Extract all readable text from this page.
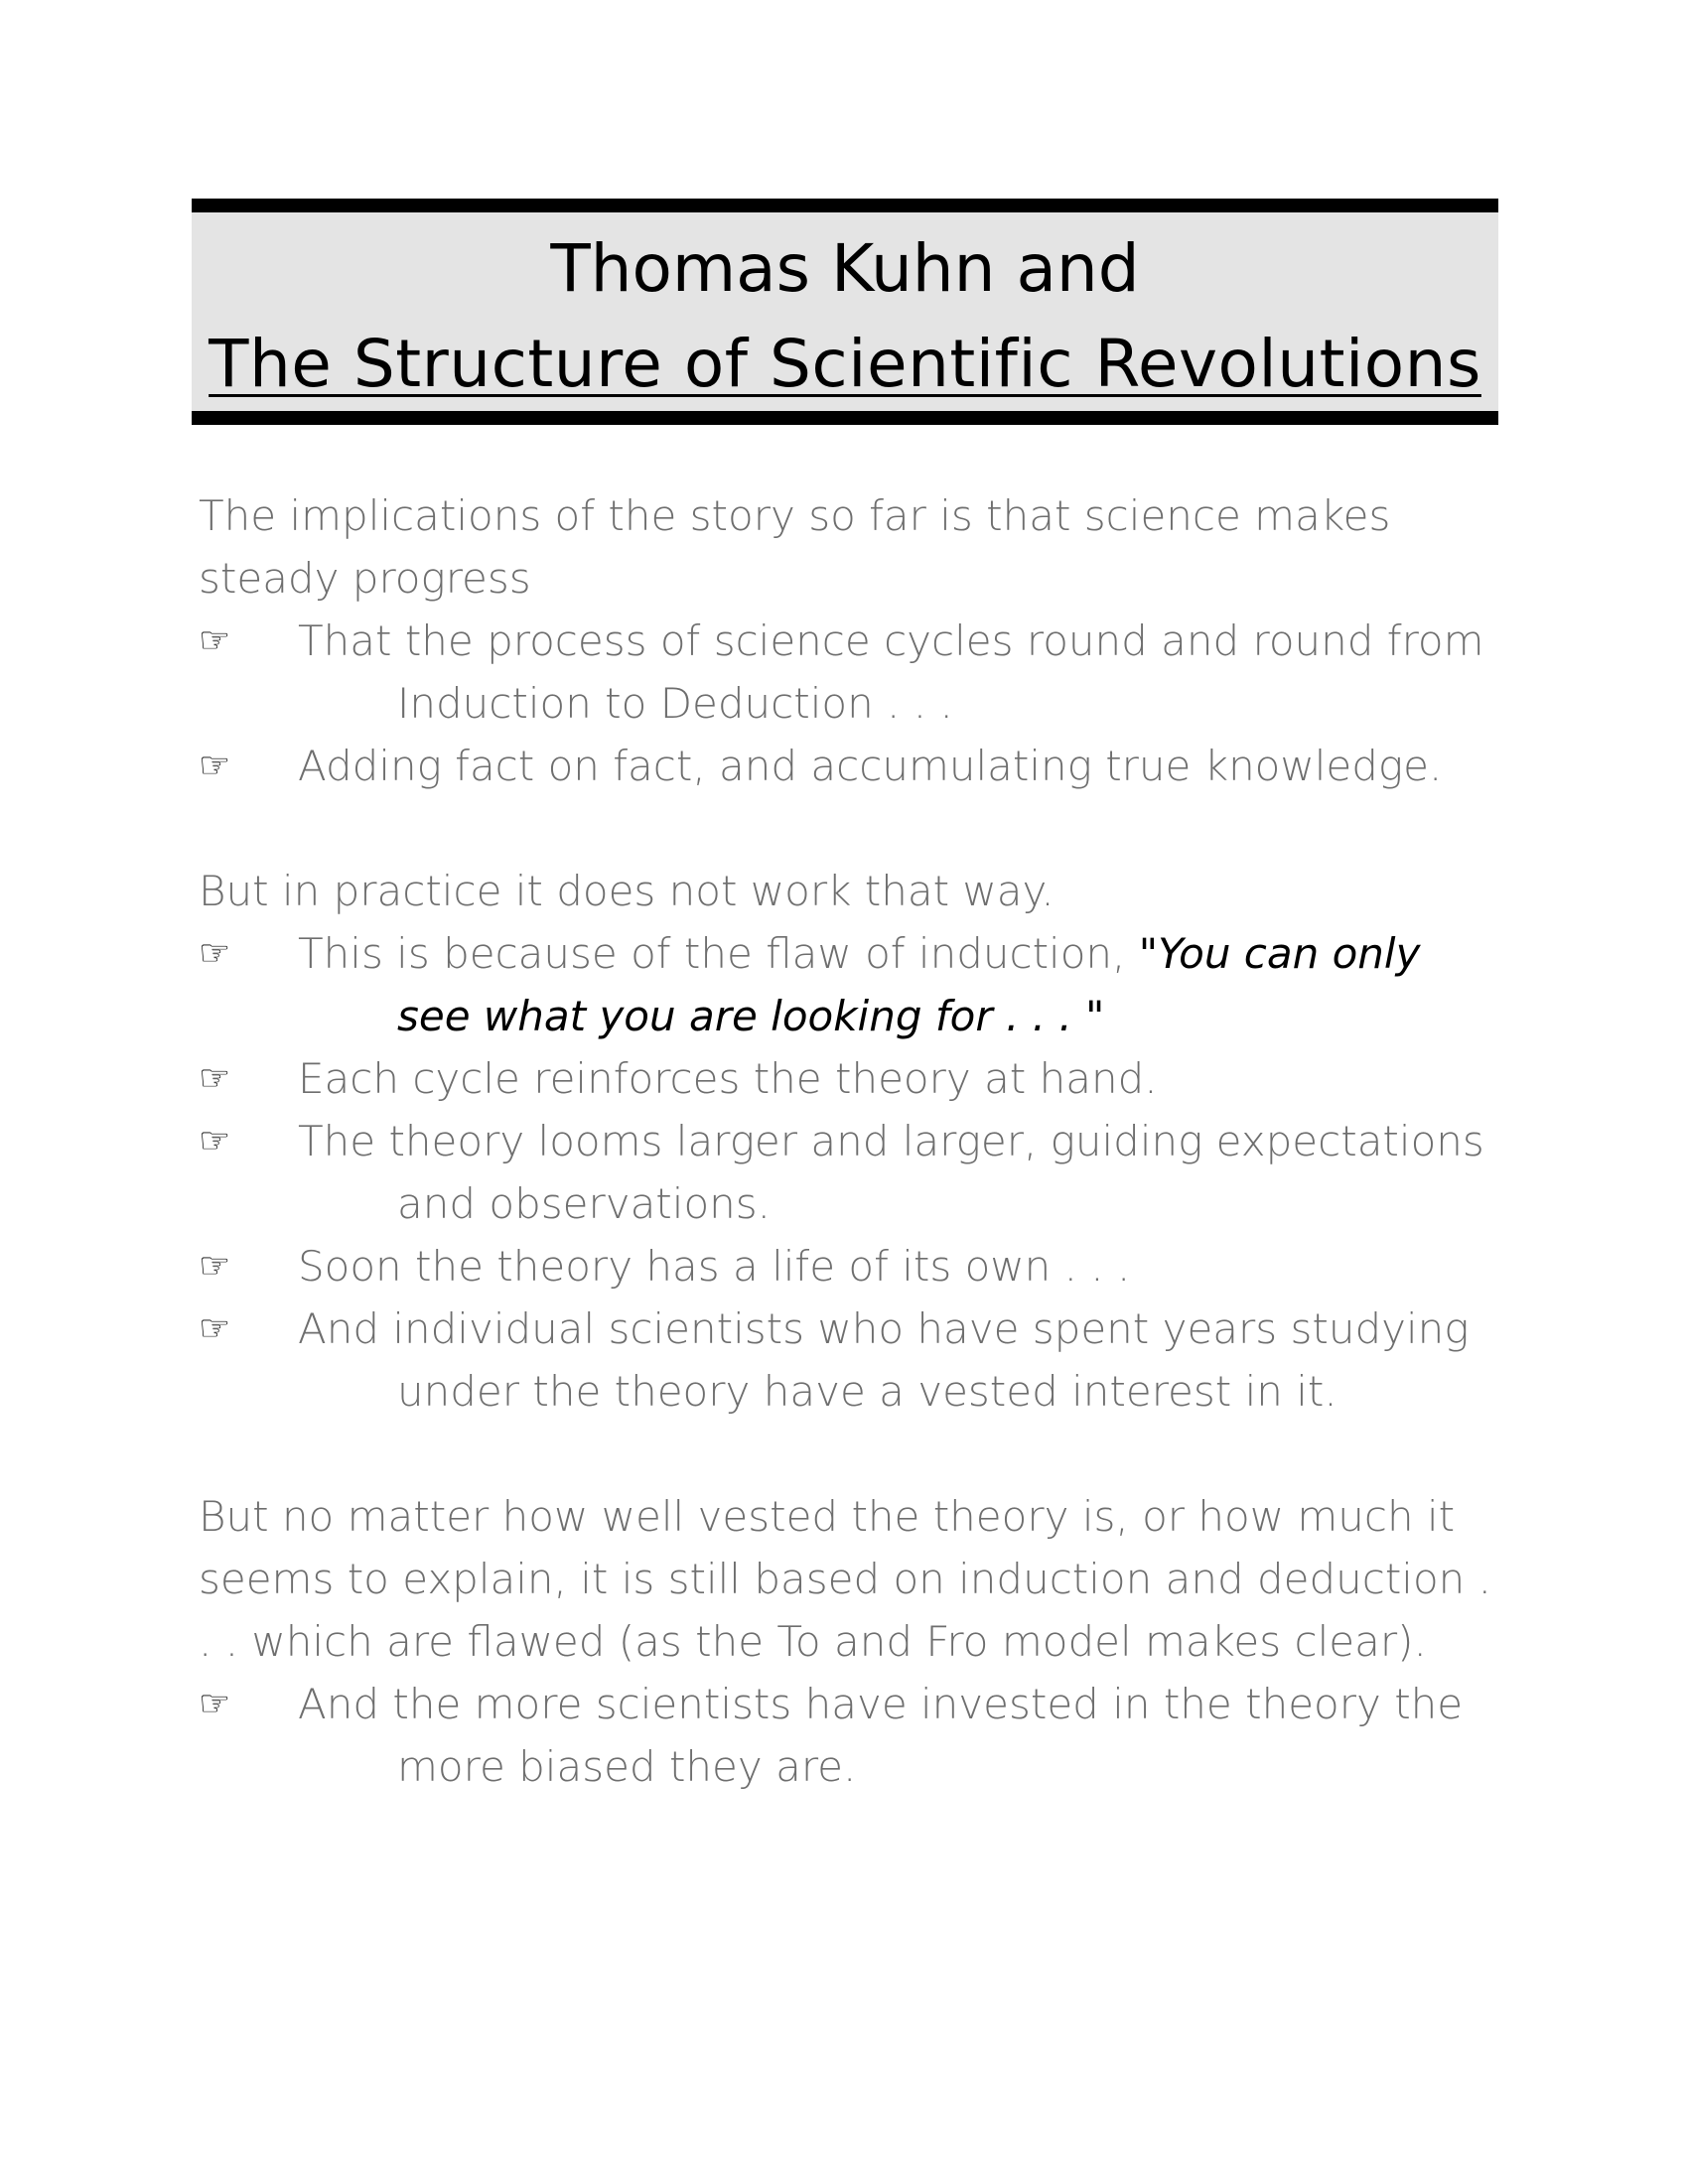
Thomas Kuhn and
The Structure of Scientific Revolutions

The implications of the story so far is that science makes steady progress

☞ That the process of science cycles round and round from
Induction to Deduction . . .
☞ Adding fact on fact, and accumulating true knowledge.

But in practice it does not work that way.

☞ This is because of the flaw of induction, "You can only
see what you are looking for . . . "
☞ Each cycle reinforces the theory at hand.
☞ The theory looms larger and larger, guiding expectations
and observations.
☞ Soon the theory has a life of its own . . .
☞ And individual scientists who have spent years studying
under the theory have a vested interest in it.

But no matter how well vested the theory is, or how much it

seems to explain, it is still based on induction and deduction .

. . which are flawed (as the To and Fro model makes clear).

☞ And the more scientists have invested in the theory the
more biased they are.
